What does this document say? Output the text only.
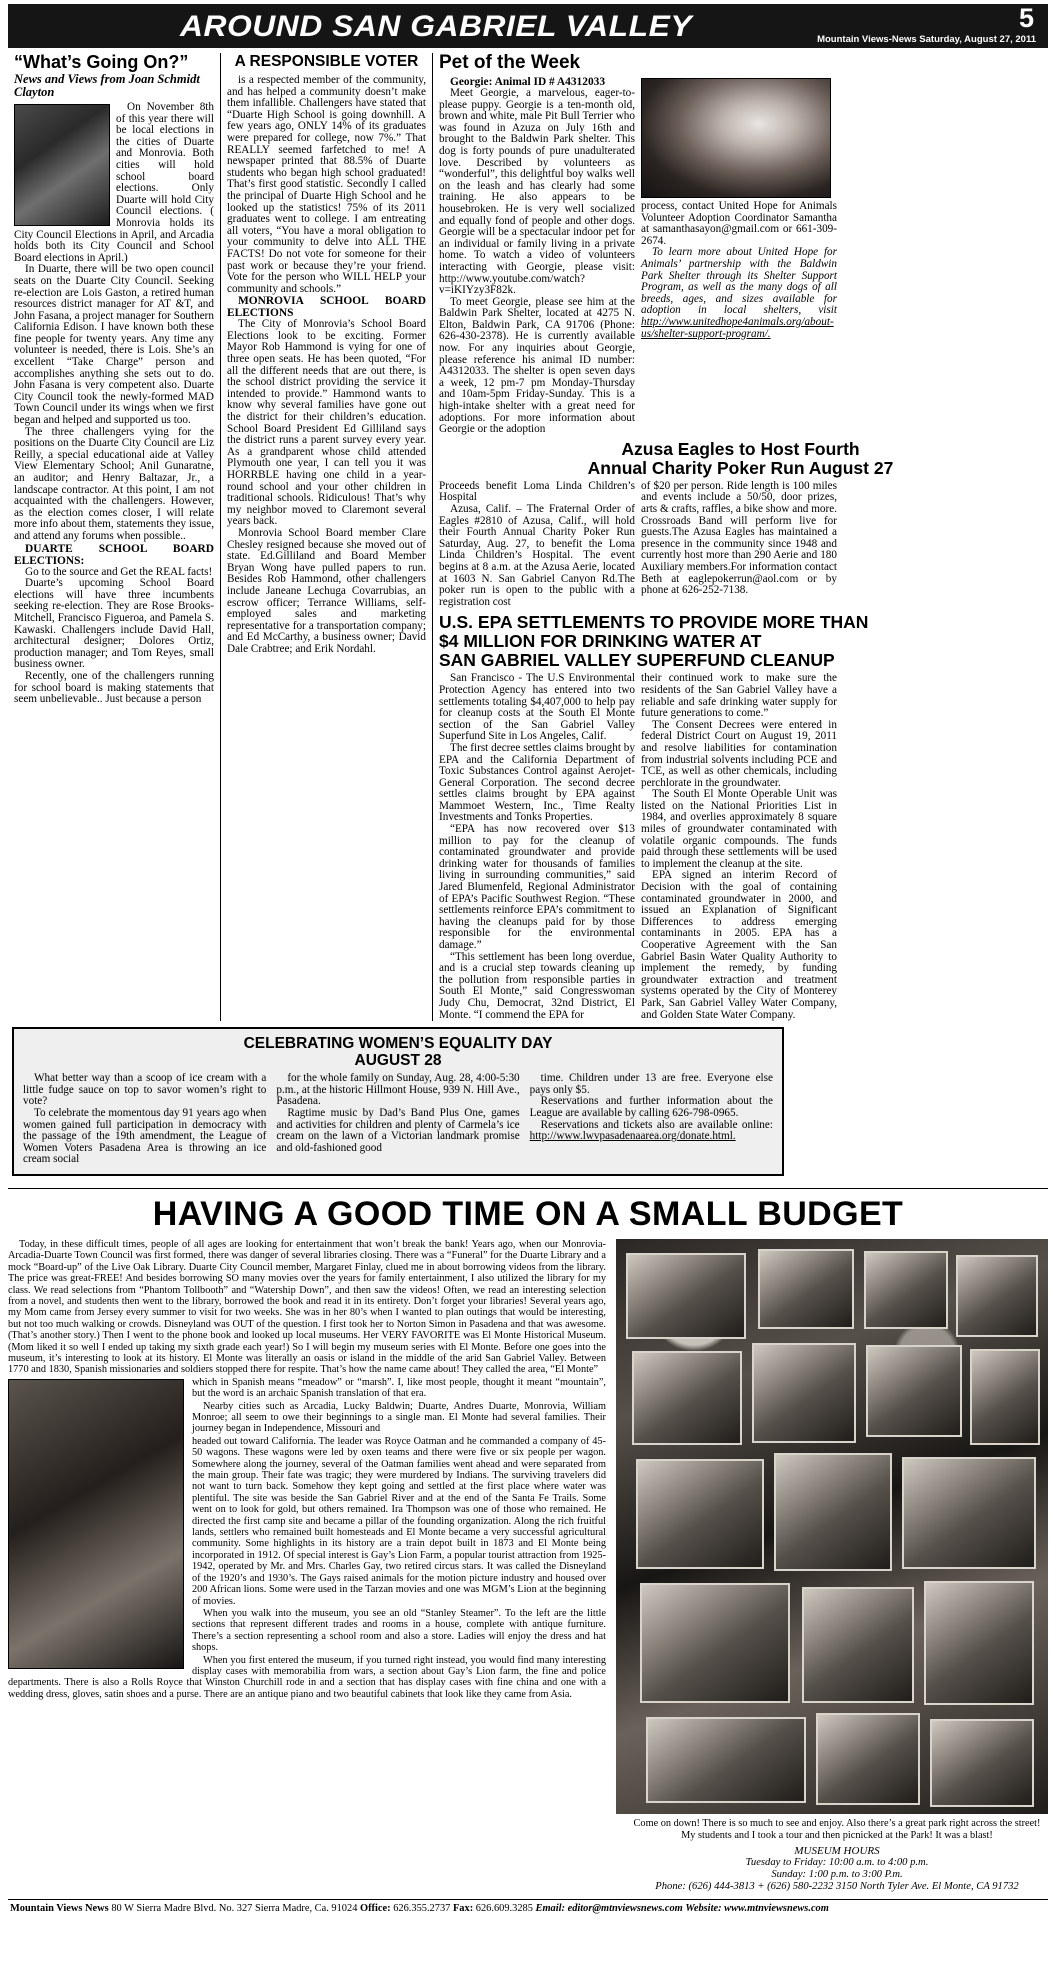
AROUND SAN GABRIEL VALLEY	5
Mountain Views-News Saturday, August 27, 2011
“What’s Going On?”
News and Views from Joan Schmidt Clayton

On November 8th of this year there will be local elections in the cities of Duarte and Monrovia. Both cities will hold school board elections. Only Duarte will hold City Council elections. ( Monrovia holds its City Council Elections in April, and Arcadia holds both its City Council and School Board elections in April.)

In Duarte, there will be two open council seats on the Duarte City Council. Seeking re-election are Lois Gaston, a retired human resources district manager for AT &T, and John Fasana, a project manager for Southern California Edison. I have known both these fine people for twenty years. Any time any volunteer is needed, there is Lois. She’s an excellent “Take Charge” person and accomplishes anything she sets out to do. John Fasana is very competent also. Duarte City Council took the newly-formed MAD Town Council under its wings when we first began and helped and supported us too.

The three challengers vying for the positions on the Duarte City Council are Liz Reilly, a special educational aide at Valley View Elementary School; Anil Gunaratne, an auditor; and Henry Baltazar, Jr., a landscape contractor. At this point, I am not acquainted with the challengers. However, as the election comes closer, I will relate more info about them, statements they issue, and attend any forums when possible..

DUARTE SCHOOL BOARD ELECTIONS:

Go to the source and Get the REAL facts!

Duarte’s upcoming School Board elections will have three incumbents seeking re-election. They are Rose Brooks-Mitchell, Francisco Figueroa, and Pamela S. Kawaski. Challengers include David Hall, architectural designer; Dolores Ortiz, production manager; and Tom Reyes, small business owner.

Recently, one of the challengers running for school board is making statements that seem unbelievable.. Just because a person

A RESPONSIBLE VOTER

is a respected member of the community, and has helped a community doesn’t make them infallible. Challengers have stated that “Duarte High School is going downhill. A few years ago, ONLY 14% of its graduates were prepared for college, now 7%.” That REALLY seemed farfetched to me! A newspaper printed that 88.5% of Duarte students who began high school graduated! That’s first good statistic. Secondly I called the principal of Duarte High School and he looked up the statistics! 75% of its 2011 graduates went to college. I am entreating all voters, “You have a moral obligation to your community to delve into ALL THE FACTS! Do not vote for someone for their past work or because they’re your friend. Vote for the person who WILL HELP your community and schools.”

MONROVIA SCHOOL BOARD ELECTIONS

The City of Monrovia’s School Board Elections look to be exciting. Former Mayor Rob Hammond is vying for one of three open seats. He has been quoted, “For all the different needs that are out there, is the school district providing the service it intended to provide.” Hammond wants to know why several families have gone out the district for their children’s education. School Board President Ed Gilliland says the district runs a parent survey every year. As a grandparent whose child attended Plymouth one year, I can tell you it was HORRBLE having one child in a year-round school and your other children in traditional schools. Ridiculous! That’s why my neighbor moved to Claremont several years back.

Monrovia School Board member Clare Chesley resigned because she moved out of state. Ed.Gilliland and Board Member Bryan Wong have pulled papers to run. Besides Rob Hammond, other challengers include Janeane Lechuga Covarrubias, an escrow officer; Terrance Williams, self-employed sales and marketing representative for a transportation company; and Ed McCarthy, a business owner; David Dale Crabtree; and Erik Nordahl.

Pet of the Week

Georgie: Animal ID # A4312033

Meet Georgie, a marvelous, eager-to-please puppy. Georgie is a ten-month old, brown and white, male Pit Bull Terrier who was found in Azuza on July 16th and brought to the Baldwin Park shelter. This dog is forty pounds of pure unadulterated love. Described by volunteers as “wonderful”, this delightful boy walks well on the leash and has clearly had some training. He also appears to be housebroken. He is very well socialized and equally fond of people and other dogs. Georgie will be a spectacular indoor pet for an individual or family living in a private home. To watch a video of volunteers interacting with Georgie, please visit: http://www.youtube.com/watch?v=iKIYzy3F82k.

To meet Georgie, please see him at the Baldwin Park Shelter, located at 4275 N. Elton, Baldwin Park, CA 91706 (Phone: 626-430-2378). He is currently available now. For any inquiries about Georgie, please reference his animal ID number: A4312033. The shelter is open seven days a week, 12 pm-7 pm Monday-Thursday and 10am-5pm Friday-Sunday. This is a high-intake shelter with a great need for adoptions. For more information about Georgie or the adoption

process, contact United Hope for Animals Volunteer Adoption Coordinator Samantha at samanthasayon@gmail.com or 661-309-2674.

To learn more about United Hope for Animals’ partnership with the Baldwin Park Shelter through its Shelter Support Program, as well as the many dogs of all breeds, ages, and sizes available for adoption in local shelters, visit http://www.unitedhope4animals.org/about-us/shelter-support-program/.

Azusa Eagles to Host Fourth
Annual Charity Poker Run August 27

Proceeds benefit Loma Linda Children’s Hospital

Azusa, Calif. – The Fraternal Order of Eagles #2810 of Azusa, Calif., will hold their Fourth Annual Charity Poker Run Saturday, Aug. 27, to benefit the Loma Linda Children’s Hospital. The event begins at 8 a.m. at the Azusa Aerie, located at 1603 N. San Gabriel Canyon Rd.The poker run is open to the public with a registration cost

of $20 per person. Ride length is 100 miles and events include a 50/50, door prizes, arts & crafts, raffles, a bike show and more. Crossroads Band will perform live for guests.The Azusa Eagles has maintained a presence in the community since 1948 and currently host more than 290 Aerie and 180 Auxiliary members.For information contact Beth at eaglepokerrun@aol.com or by phone at 626-252-7138.

U.S. EPA SETTLEMENTS TO PROVIDE MORE THAN
$4 MILLION FOR DRINKING WATER AT
SAN GABRIEL VALLEY SUPERFUND CLEANUP

San Francisco - The U.S Environmental Protection Agency has entered into two settlements totaling $4,407,000 to help pay for cleanup costs at the South El Monte section of the San Gabriel Valley Superfund Site in Los Angeles, Calif.

The first decree settles claims brought by EPA and the California Department of Toxic Substances Control against Aerojet-General Corporation. The second decree settles claims brought by EPA against Mammoet Western, Inc., Time Realty Investments and Tonks Properties.

“EPA has now recovered over $13 million to pay for the cleanup of contaminated groundwater and provide drinking water for thousands of families living in surrounding communities,” said Jared Blumenfeld, Regional Administrator of EPA’s Pacific Southwest Region. “These settlements reinforce EPA’s commitment to having the cleanups paid for by those responsible for the environmental damage.”

“This settlement has been long overdue, and is a crucial step towards cleaning up the pollution from responsible parties in South El Monte,” said Congresswoman Judy Chu, Democrat, 32nd District, El Monte. “I commend the EPA for

their continued work to make sure the residents of the San Gabriel Valley have a reliable and safe drinking water supply for future generations to come.”

The Consent Decrees were entered in federal District Court on August 19, 2011 and resolve liabilities for contamination from industrial solvents including PCE and TCE, as well as other chemicals, including perchlorate in the groundwater.

The South El Monte Operable Unit was listed on the National Priorities List in 1984, and overlies approximately 8 square miles of groundwater contaminated with volatile organic compounds. The funds paid through these settlements will be used to implement the cleanup at the site.

EPA signed an interim Record of Decision with the goal of containing contaminated groundwater in 2000, and issued an Explanation of Significant Differences to address emerging contaminants in 2005. EPA has a Cooperative Agreement with the San Gabriel Basin Water Quality Authority to implement the remedy, by funding groundwater extraction and treatment systems operated by the City of Monterey Park, San Gabriel Valley Water Company, and Golden State Water Company.

CELEBRATING WOMEN’S EQUALITY DAY
AUGUST 28

What better way than a scoop of ice cream with a little fudge sauce on top to savor women’s right to vote?

To celebrate the momentous day 91 years ago when women gained full participation in democracy with the passage of the 19th amendment, the League of Women Voters Pasadena Area is throwing an ice cream social

for the whole family on Sunday, Aug. 28, 4:00-5:30 p.m., at the historic Hillmont House, 939 N. Hill Ave., Pasadena.

Ragtime music by Dad’s Band Plus One, games and activities for children and plenty of Carmela’s ice cream on the lawn of a Victorian landmark promise and old-fashioned good

time. Children under 13 are free. Everyone else pays only $5.

Reservations and further information about the League are available by calling 626-798-0965.

Reservations and tickets also are available online: http://www.lwvpasadenaarea.org/donate.html.

HAVING A GOOD TIME ON A SMALL BUDGET

Today, in these difficult times, people of all ages are looking for entertainment that won’t break the bank! Years ago, when our Monrovia-Arcadia-Duarte Town Council was first formed, there was danger of several libraries closing. There was a “Funeral” for the Duarte Library and a mock “Board-up” of the Live Oak Library. Duarte City Council member, Margaret Finlay, clued me in about borrowing videos from the library. The price was great-FREE! And besides borrowing SO many movies over the years for family entertainment, I also utilized the library for my class. We read selections from “Phantom Tollbooth” and “Watership Down”, and then saw the videos! Often, we read an interesting selection from a novel, and students then went to the library, borrowed the book and read it in its entirety. Don’t forget your libraries! Several years ago, my Mom came from Jersey every summer to visit for two weeks. She was in her 80’s when I wanted to plan outings that would be interesting, but not too much walking or crowds. Disneyland was OUT of the question. I first took her to Norton Simon in Pasadena and that was awesome. (That’s another story.) Then I went to the phone book and looked up local museums. Her VERY FAVORITE was El Monte Historical Museum. (Mom liked it so well I ended up taking my sixth grade each year!) So I will begin my museum series with El Monte. Before one goes into the museum, it’s interesting to look at its history. El Monte was literally an oasis or island in the middle of the arid San Gabriel Valley. Between 1770 and 1830, Spanish missionaries and soldiers stopped there for respite. That’s how the name came about! They called the area, “El Monte”

which in Spanish means “meadow” or “marsh”. I, like most people, thought it meant “mountain”, but the word is an archaic Spanish translation of that era.

Nearby cities such as Arcadia, Lucky Baldwin; Duarte, Andres Duarte, Monrovia, William Monroe; all seem to owe their beginnings to a single man. El Monte had several families. Their journey began in Independence, Missouri and

headed out toward California. The leader was Royce Oatman and he commanded a company of 45-50 wagons. These wagons were led by oxen teams and there were five or six people per wagon. Somewhere along the journey, several of the Oatman families went ahead and were separated from the main group. Their fate was tragic; they were murdered by Indians. The surviving travelers did not want to turn back. Somehow they kept going and settled at the first place where water was plentiful. The site was beside the San Gabriel River and at the end of the Santa Fe Trails. Some went on to look for gold, but others remained. Ira Thompson was one of those who remained. He directed the first camp site and became a pillar of the founding organization. Along the rich fruitful lands, settlers who remained built homesteads and El Monte became a very successful agricultural community. Some highlights in its history are a train depot built in 1873 and El Monte being incorporated in 1912. Of special interest is Gay’s Lion Farm, a popular tourist attraction from 1925-1942, operated by Mr. and Mrs. Charles Gay, two retired circus stars. It was called the Disneyland of the 1920’s and 1930’s. The Gays raised animals for the motion picture industry and housed over 200 African lions. Some were used in the Tarzan movies and one was MGM’s Lion at the beginning of movies.

When you walk into the museum, you see an old “Stanley Steamer”. To the left are the little sections that represent different trades and rooms in a house, complete with antique furniture. There’s a section representing a school room and also a store. Ladies will enjoy the dress and hat shops.

When you first entered the museum, if you turned right instead, you would find many interesting display cases with memorabilia from wars, a section about Gay’s Lion farm, the fine and police departments. There is also a Rolls Royce that Winston Churchill rode in and a section that has display cases with fine china and one with a wedding dress, gloves, satin shoes and a purse. There are an antique piano and two beautiful cabinets that look like they came from Asia.

Come on down! There is so much to see and enjoy. Also there’s a great park right across the street!
My students and I took a tour and then picnicked at the Park! It was a blast!
MUSEUM HOURS
Tuesday to Friday: 10:00 a.m. to 4:00 p.m.
Sunday: 1:00 p.m. to 3:00 P.m.
Phone: (626) 444-3813 + (626) 580-2232 3150 North Tyler Ave. El Monte, CA 91732
Mountain Views News 80 W Sierra Madre Blvd. No. 327 Sierra Madre, Ca. 91024 Office: 626.355.2737 Fax: 626.609.3285 Email: editor@mtnviewsnews.com Website: www.mtnviewsnews.com
